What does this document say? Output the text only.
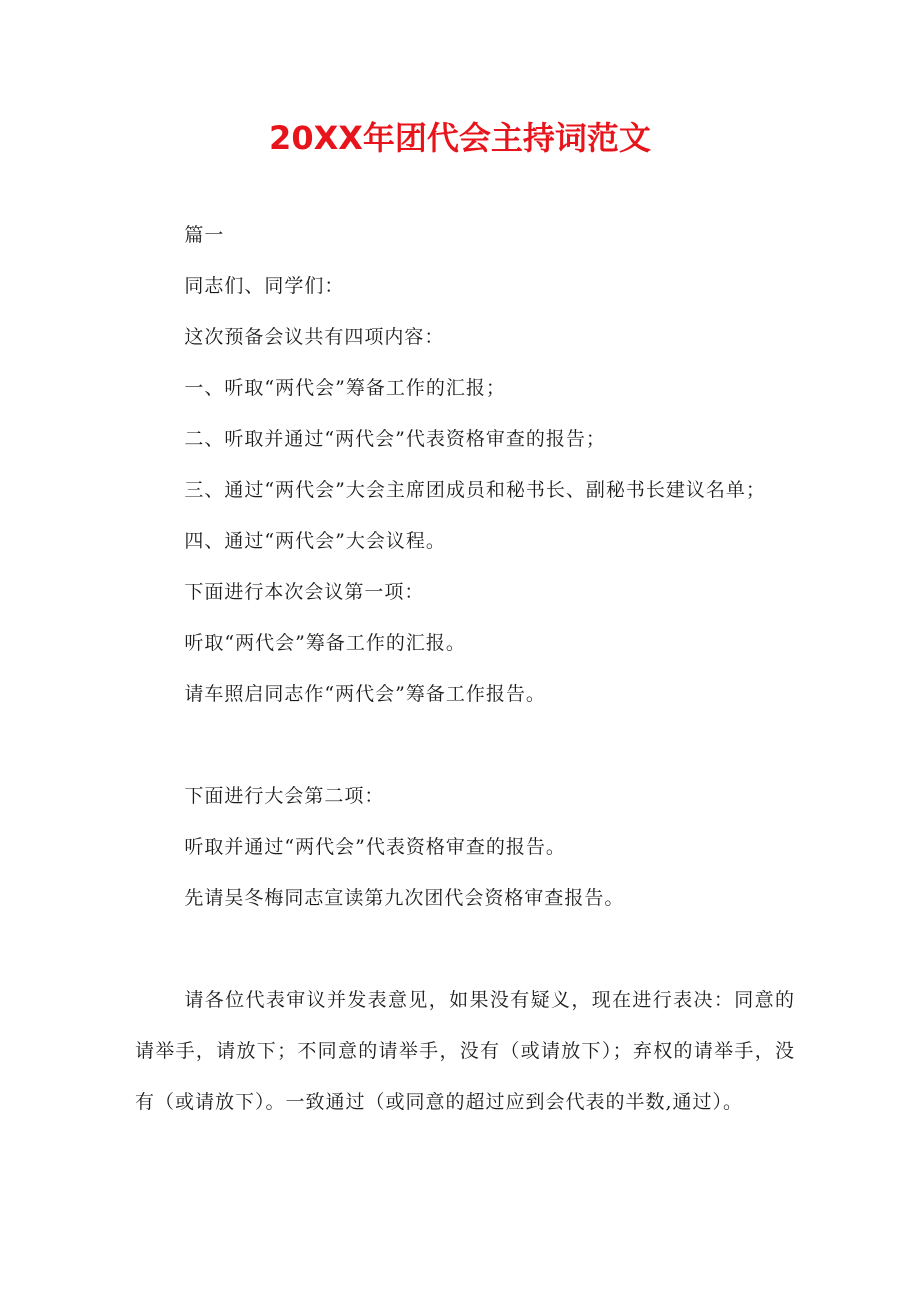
20XX年团代会主持词范文

篇一

同志们、同学们：

这次预备会议共有四项内容：

一、听取“两代会”筹备工作的汇报；

二、听取并通过“两代会”代表资格审查的报告；

三、通过“两代会”大会主席团成员和秘书长、副秘书长建议名单；

四、通过“两代会”大会议程。

下面进行本次会议第一项：

听取“两代会”筹备工作的汇报。

请车照启同志作“两代会”筹备工作报告。

下面进行大会第二项：

听取并通过“两代会”代表资格审查的报告。

先请吴冬梅同志宣读第九次团代会资格审查报告。

请各位代表审议并发表意见，如果没有疑义，现在进行表决：同意的请举手，请放下；不同意的请举手，没有（或请放下）；弃权的请举手，没有（或请放下）。一致通过（或同意的超过应到会代表的半数,通过）。
